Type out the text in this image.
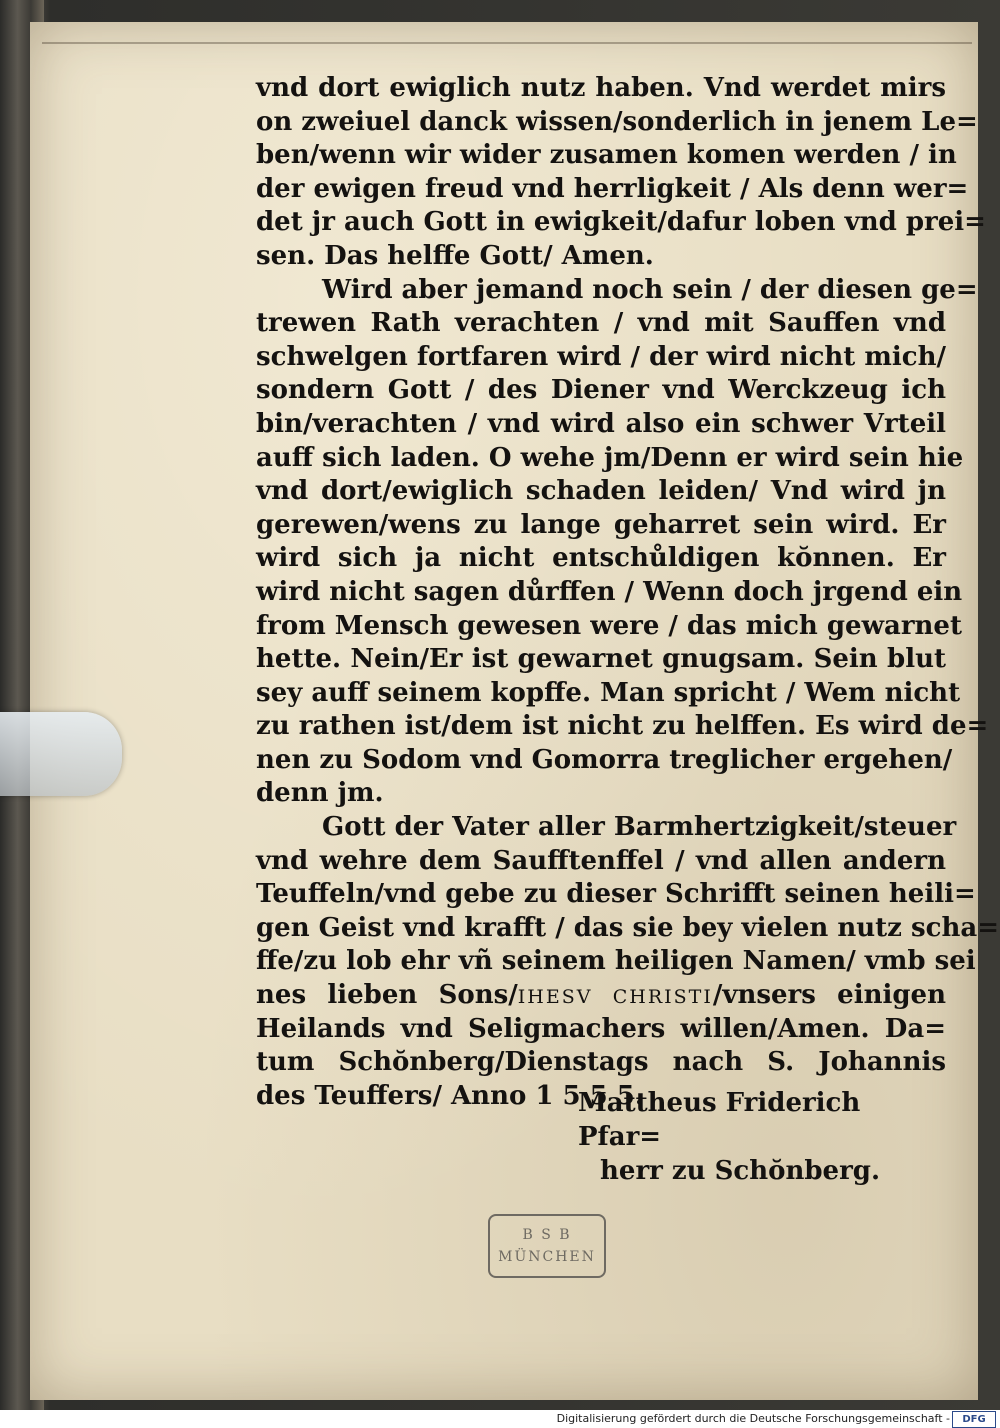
vnd dort ewiglich nutz haben. Vnd werdet mirs
on zweiuel danck wissen/sonderlich in jenem Le=
ben/wenn wir wider zusamen komen werden / in
der ewigen freud vnd herrligkeit / Als denn wer=
det jr auch Gott in ewigkeit/dafur loben vnd prei=
sen. Das helffe Gott/ Amen.
Wird aber jemand noch sein / der diesen ge=
trewen Rath verachten / vnd mit Sauffen vnd
schwelgen fortfaren wird / der wird nicht mich/
sondern Gott / des Diener vnd Werckzeug ich
bin/verachten / vnd wird also ein schwer Vrteil
auff sich laden. O wehe jm/Denn er wird sein hie
vnd dort/ewiglich schaden leiden/ Vnd wird jn
gerewen/wens zu lange geharret sein wird. Er
wird sich ja nicht entschůldigen kŏnnen. Er
wird nicht sagen důrffen / Wenn doch jrgend ein
from Mensch gewesen were / das mich gewarnet
hette. Nein/Er ist gewarnet gnugsam. Sein blut
sey auff seinem kopffe. Man spricht / Wem nicht
zu rathen ist/dem ist nicht zu helffen. Es wird de=
nen zu Sodom vnd Gomorra treglicher ergehen/
denn jm.
Gott der Vater aller Barmhertzigkeit/steuer
vnd wehre dem Saufftenffel / vnd allen andern
Teuffeln/vnd gebe zu dieser Schrifft seinen heili=
gen Geist vnd krafft / das sie bey vielen nutz scha=
ffe/zu lob ehr vñ seinem heiligen Namen/ vmb sei
nes lieben Sons/IHESV CHRISTI/vnsers einigen
Heilands vnd Seligmachers willen/Amen. Da=
tum Schŏnberg/Dienstags nach S. Johannis
des Teuffers/ Anno 1 5 5 5.
Mattheus Friderich Pfar=
herr zu Schŏnberg.
B S B
MÜNCHEN
Digitalisierung gefördert durch die Deutsche Forschungsgemeinschaft -	DFG
